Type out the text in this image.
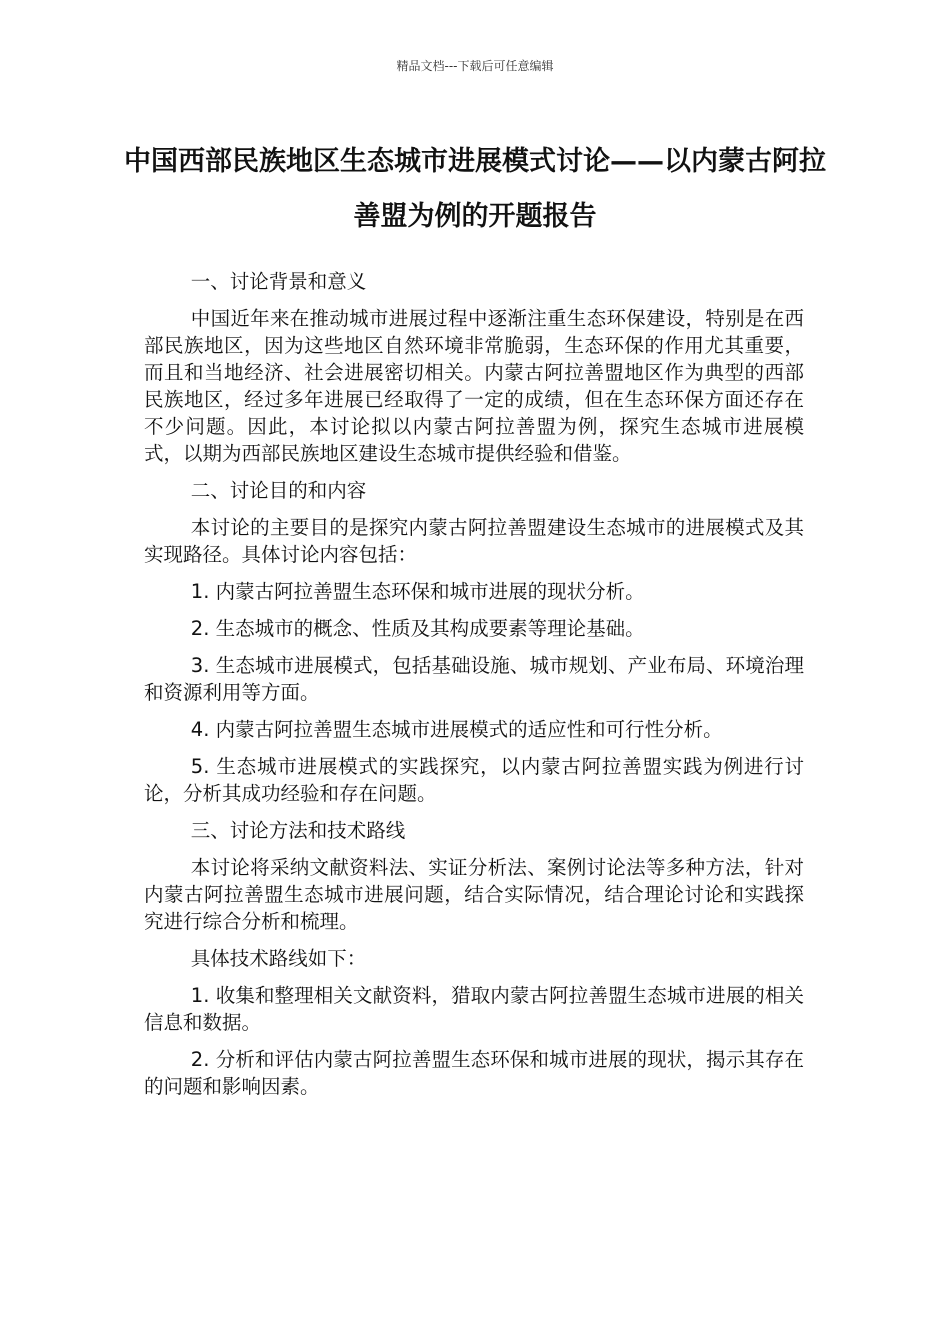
精品文档---下载后可任意编辑
中国西部民族地区生态城市进展模式讨论——以内蒙古阿拉善盟为例的开题报告

一、讨论背景和意义

中国近年来在推动城市进展过程中逐渐注重生态环保建设，特别是在西部民族地区，因为这些地区自然环境非常脆弱，生态环保的作用尤其重要，而且和当地经济、社会进展密切相关。内蒙古阿拉善盟地区作为典型的西部民族地区，经过多年进展已经取得了一定的成绩，但在生态环保方面还存在不少问题。因此，本讨论拟以内蒙古阿拉善盟为例，探究生态城市进展模式，以期为西部民族地区建设生态城市提供经验和借鉴。

二、讨论目的和内容

本讨论的主要目的是探究内蒙古阿拉善盟建设生态城市的进展模式及其实现路径。具体讨论内容包括：

1. 内蒙古阿拉善盟生态环保和城市进展的现状分析。

2. 生态城市的概念、性质及其构成要素等理论基础。

3. 生态城市进展模式，包括基础设施、城市规划、产业布局、环境治理和资源利用等方面。

4. 内蒙古阿拉善盟生态城市进展模式的适应性和可行性分析。

5. 生态城市进展模式的实践探究，以内蒙古阿拉善盟实践为例进行讨论，分析其成功经验和存在问题。

三、讨论方法和技术路线

本讨论将采纳文献资料法、实证分析法、案例讨论法等多种方法，针对内蒙古阿拉善盟生态城市进展问题，结合实际情况，结合理论讨论和实践探究进行综合分析和梳理。

具体技术路线如下：

1. 收集和整理相关文献资料，猎取内蒙古阿拉善盟生态城市进展的相关信息和数据。

2. 分析和评估内蒙古阿拉善盟生态环保和城市进展的现状，揭示其存在的问题和影响因素。
